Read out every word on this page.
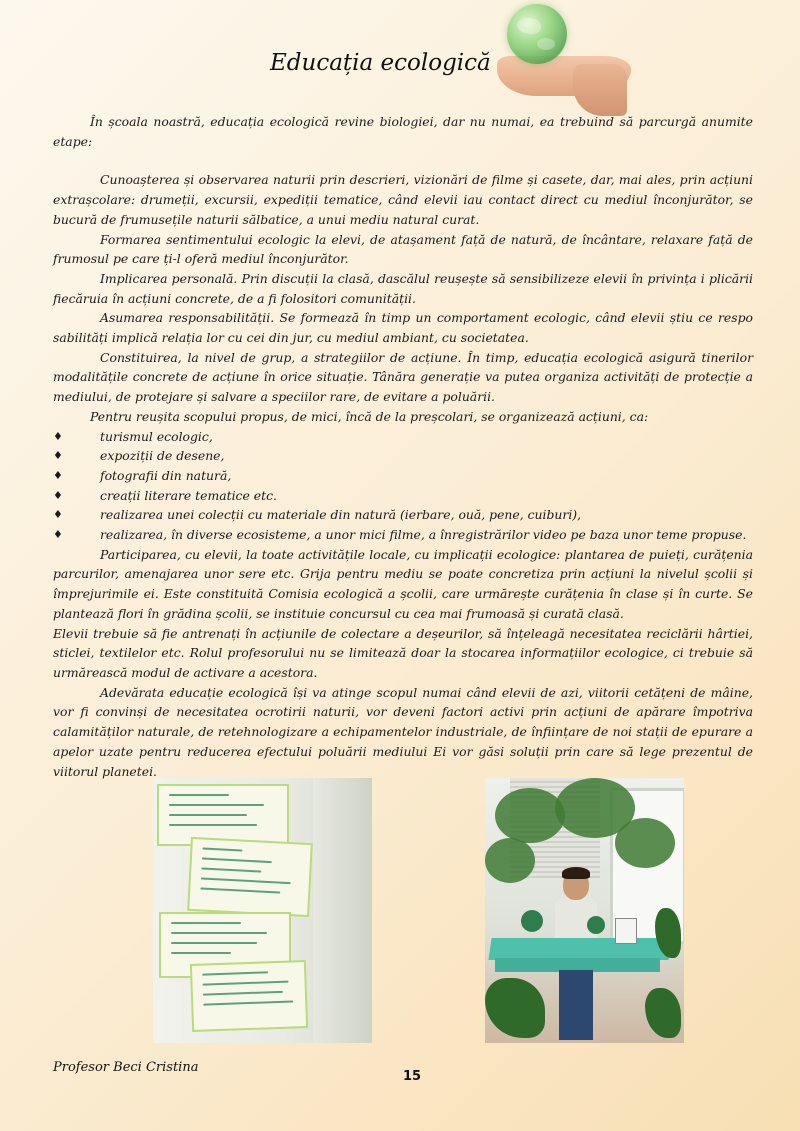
Educația ecologică

În școala noastră, educația ecologică revine biologiei, dar nu numai, ea trebuind să parcurgă anumite etape:

Cunoașterea și observarea naturii prin descrieri, vizionări de filme și casete, dar, mai ales, prin acțiuni extrașcolare: drumeții, excursii, expediții tematice, când elevii iau contact direct cu mediul înconjurător, se bucură de frumusețile naturii sălbatice, a unui mediu natural curat.

Formarea sentimentului ecologic la elevi, de atașament față de natură, de încântare, relaxare față de frumosul pe care ți-l oferă mediul înconjurător.

Implicarea personală. Prin discuții la clasă, dascălul reușește să sensibilizeze elevii în privința i plicării fiecăruia în acțiuni concrete, de a fi folositori comunității.

Asumarea responsabilității. Se formează în timp un comportament ecologic, când elevii știu ce respo sabilități implică relația lor cu cei din jur, cu mediul ambiant, cu societatea.

Constituirea, la nivel de grup, a strategiilor de acțiune. În timp, educația ecologică asigură tinerilor modalitățile concrete de acțiune în orice situație. Tânăra generație va putea organiza activități de protecție a mediului, de protejare și salvare a speciilor rare, de evitare a poluării.

Pentru reușita scopului propus, de mici, încă de la preșcolari, se organizează acțiuni, ca:

♦	turismul ecologic,
♦	expoziții de desene,
♦	fotografii din natură,
♦	creații literare tematice etc.
♦	realizarea unei colecții cu materiale din natură (ierbare, ouă, pene, cuiburi),
♦	realizarea, în diverse ecosisteme, a unor mici filme, a înregistrărilor video pe baza unor teme propuse.

Participarea, cu elevii, la toate activitățile locale, cu implicații ecologice: plantarea de puieți, curățenia parcurilor, amenajarea unor sere etc. Grija pentru mediu se poate concretiza prin acțiuni la nivelul școlii și împrejurimile ei. Este constituită Comisia ecologică a școlii, care urmărește curățenia în clase și în curte. Se plantează flori în grădina școlii, se instituie concursul cu cea mai frumoasă și curată clasă.

Elevii trebuie să fie antrenați în acțiunile de colectare a deșeurilor, să înțeleagă necesitatea reciclării hârtiei, sticlei, textilelor etc. Rolul profesorului nu se limitează doar la stocarea informațiilor ecologice, ci trebuie să urmărească modul de activare a acestora.

Adevărata educație ecologică își va atinge scopul numai când elevii de azi, viitorii cetățeni de mâine, vor fi convinși de necesitatea ocrotirii naturii, vor deveni factori activi prin acțiuni de apărare împotriva calamităților naturale, de retehnologizare a echipamentelor industriale, de înființare de noi stații de epurare a apelor uzate pentru reducerea efectului poluării mediului Ei vor găsi soluții prin care să lege prezentul de viitorul planetei.

Profesor Beci Cristina
15
